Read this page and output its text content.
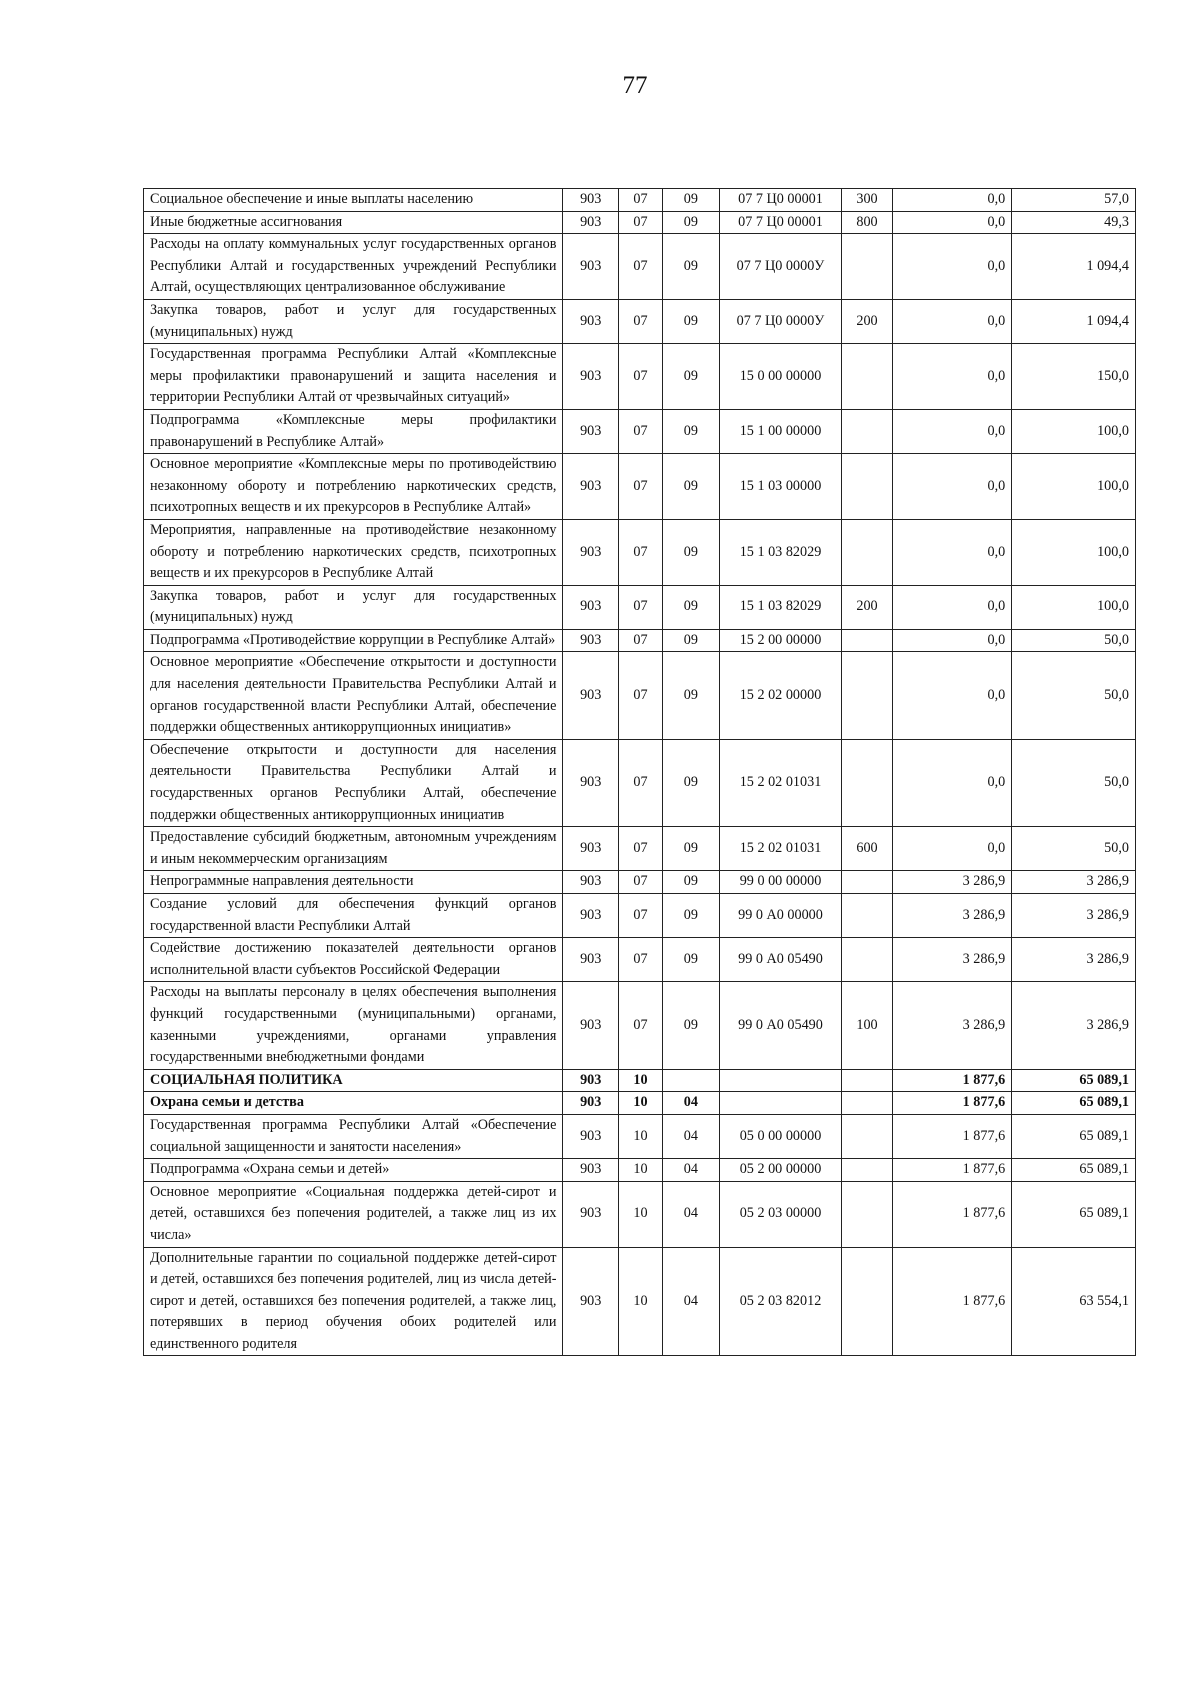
77
Социальное обеспечение и иные выплаты населению	903	07	09	07 7 Ц0 00001	300	0,0	57,0
Иные бюджетные ассигнования	903	07	09	07 7 Ц0 00001	800	0,0	49,3
Расходы на оплату коммунальных услуг государственных органов Республики Алтай и государственных учреждений Республики Алтай, осуществляющих централизованное обслуживание	903	07	09	07 7 Ц0 0000У		0,0	1 094,4
Закупка товаров, работ и услуг для государственных (муниципальных) нужд	903	07	09	07 7 Ц0 0000У	200	0,0	1 094,4
Государственная программа Республики Алтай «Комплексные меры профилактики правонарушений и защита населения и территории Республики Алтай от чрезвычайных ситуаций»	903	07	09	15 0 00 00000		0,0	150,0
Подпрограмма «Комплексные меры профилактики правонарушений в Республике Алтай»	903	07	09	15 1 00 00000		0,0	100,0
Основное мероприятие «Комплексные меры по противодействию незаконному обороту и потреблению наркотических средств, психотропных веществ и их прекурсоров в Республике Алтай»	903	07	09	15 1 03 00000		0,0	100,0
Мероприятия, направленные на противодействие незаконному обороту и потреблению наркотических средств, психотропных веществ и их прекурсоров в Республике Алтай	903	07	09	15 1 03 82029		0,0	100,0
Закупка товаров, работ и услуг для государственных (муниципальных) нужд	903	07	09	15 1 03 82029	200	0,0	100,0
Подпрограмма «Противодействие коррупции в Республике Алтай»	903	07	09	15 2 00 00000		0,0	50,0
Основное мероприятие «Обеспечение открытости и доступности для населения деятельности Правительства Республики Алтай и органов государственной власти Республики Алтай, обеспечение поддержки общественных антикоррупционных инициатив»	903	07	09	15 2 02 00000		0,0	50,0
Обеспечение открытости и доступности для населения деятельности Правительства Республики Алтай и государственных органов Республики Алтай, обеспечение поддержки общественных антикоррупционных инициатив	903	07	09	15 2 02 01031		0,0	50,0
Предоставление субсидий бюджетным, автономным учреждениям и иным некоммерческим организациям	903	07	09	15 2 02 01031	600	0,0	50,0
Непрограммные направления деятельности	903	07	09	99 0 00 00000		3 286,9	3 286,9
Создание условий для обеспечения функций органов государственной власти Республики Алтай	903	07	09	99 0 А0 00000		3 286,9	3 286,9
Содействие достижению показателей деятельности органов исполнительной власти субъектов Российской Федерации	903	07	09	99 0 А0 05490		3 286,9	3 286,9
Расходы на выплаты персоналу в целях обеспечения выполнения функций государственными (муниципальными) органами, казенными учреждениями, органами управления государственными внебюджетными фондами	903	07	09	99 0 А0 05490	100	3 286,9	3 286,9
СОЦИАЛЬНАЯ ПОЛИТИКА	903	10				1 877,6	65 089,1
Охрана семьи и детства	903	10	04			1 877,6	65 089,1
Государственная программа Республики Алтай «Обеспечение социальной защищенности и занятости населения»	903	10	04	05 0 00 00000		1 877,6	65 089,1
Подпрограмма «Охрана семьи и детей»	903	10	04	05 2 00 00000		1 877,6	65 089,1
Основное мероприятие «Социальная поддержка детей-сирот и детей, оставшихся без попечения родителей, а также лиц из их числа»	903	10	04	05 2 03 00000		1 877,6	65 089,1
Дополнительные гарантии по социальной поддержке детей-сирот и детей, оставшихся без попечения родителей, лиц из числа детей-сирот и детей, оставшихся без попечения родителей, а также лиц, потерявших в период обучения обоих родителей или единственного родителя	903	10	04	05 2 03 82012		1 877,6	63 554,1
